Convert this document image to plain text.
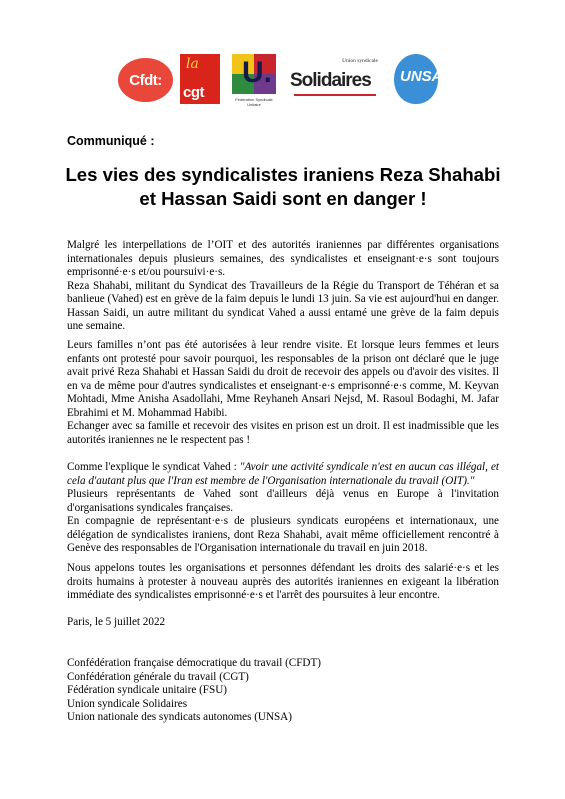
Cfdt:
la
cgt
U.
Fédération Syndicale Unitaire
Union syndicale
Solidaires UNSA
Communiqué :
Les vies des syndicalistes iraniens Reza Shahabi et Hassan Saidi sont en danger !

Malgré les interpellations de l’OIT et des autorités iraniennes par différentes organisations internationales depuis plusieurs semaines, des syndicalistes et enseignant·e·s sont toujours emprisonné·e·s et/ou poursuivi·e·s.

Reza Shahabi, militant du Syndicat des Travailleurs de la Régie du Transport de Téhéran et sa banlieue (Vahed) est en grève de la faim depuis le lundi 13 juin. Sa vie est aujourd'hui en danger. Hassan Saidi, un autre militant du syndicat Vahed a aussi entamé une grève de la faim depuis une semaine.

Leurs familles n’ont pas été autorisées à leur rendre visite. Et lorsque leurs femmes et leurs enfants ont protesté pour savoir pourquoi, les responsables de la prison ont déclaré que le juge avait privé Reza Shahabi et Hassan Saidi du droit de recevoir des appels ou d'avoir des visites. Il en va de même pour d'autres syndicalistes et enseignant·e·s emprisonné·e·s comme, M. Keyvan Mohtadi, Mme Anisha Asadollahi, Mme Reyhaneh Ansari Nejsd, M. Rasoul Bodaghi, M. Jafar Ebrahimi et M. Mohammad Habibi.

Echanger avec sa famille et recevoir des visites en prison est un droit. Il est inadmissible que les autorités iraniennes ne le respectent pas !

Comme l'explique le syndicat Vahed : "Avoir une activité syndicale n'est en aucun cas illégal, et cela d'autant plus que l'Iran est membre de l'Organisation internationale du travail (OIT)."

Plusieurs représentants de Vahed sont d'ailleurs déjà venus en Europe à l'invitation d'organisations syndicales françaises.

En compagnie de représentant·e·s de plusieurs syndicats européens et internationaux, une délégation de syndicalistes iraniens, dont Reza Shahabi, avait même officiellement rencontré à Genève des responsables de l'Organisation internationale du travail en juin 2018.

Nous appelons toutes les organisations et personnes défendant les droits des salarié·e·s et les droits humains à protester à nouveau auprès des autorités iraniennes en exigeant la libération immédiate des syndicalistes emprisonné·e·s et l'arrêt des poursuites à leur encontre.

Paris, le 5 juillet 2022
Confédération française démocratique du travail (CFDT)
Confédération générale du travail (CGT)
Fédération syndicale unitaire (FSU)
Union syndicale Solidaires
Union nationale des syndicats autonomes (UNSA)
